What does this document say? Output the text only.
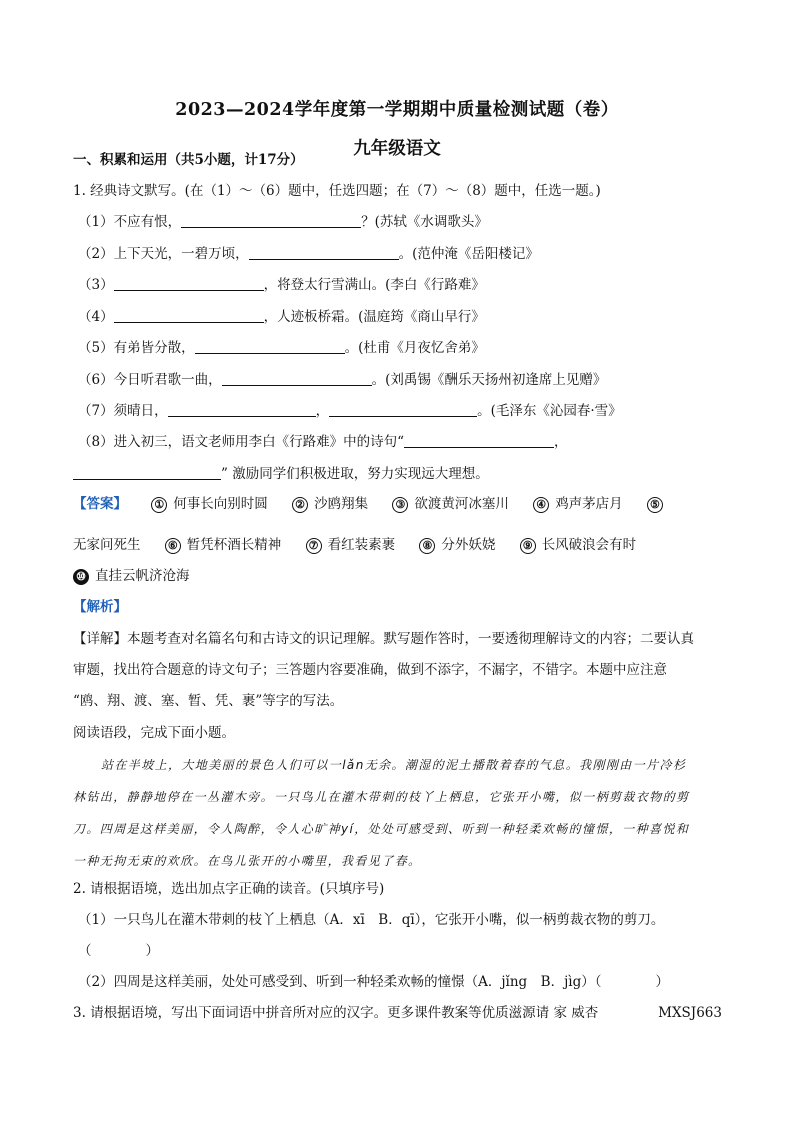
2023—2024学年度第一学期期中质量检测试题（卷）
九年级语文
一、积累和运用（共5小题，计17分）
1. 经典诗文默写。(在（1）～（6）题中，任选四题；在（7）～（8）题中，任选一题。)
（1）不应有恨，	？(苏轼《水调歌头》
（2）上下天光，一碧万顷，	。(范仲淹《岳阳楼记》
（3）	，将登太行雪满山。(李白《行路难》
（4）	，人迹板桥霜。(温庭筠《商山早行》
（5）有弟皆分散，	。(杜甫《月夜忆舍弟》
（6）今日听君歌一曲，	。(刘禹锡《酬乐天扬州初逢席上见赠》
（7）须晴日，	，	。(毛泽东《沁园春·雪》
（8）进入初三，语文老师用李白《行路难》中的诗句“	，
” 激励同学们积极进取，努力实现远大理想。
【答案】 ① 何事长向别时圆 ② 沙鸥翔集 ③ 欲渡黄河冰塞川 ④ 鸡声茅店月 ⑤
无家问死生 ⑥ 暂凭杯酒长精神 ⑦ 看红装素裹 ⑧ 分外妖娆 ⑨ 长风破浪会有时
⑩ 直挂云帆济沧海
【解析】
【详解】本题考查对名篇名句和古诗文的识记理解。默写题作答时，一要透彻理解诗文的内容；二要认真
审题，找出符合题意的诗文句子；三答题内容要准确，做到不添字，不漏字，不错字。本题中应注意
“鸥、翔、渡、塞、暂、凭、裹”等字的写法。
阅读语段，完成下面小题。
站在半坡上，大地美丽的景色人们可以一lǎn无余。潮湿的泥土播散着春的气息。我刚刚由一片冷杉
林钻出，静静地停在一丛灌木旁。一只鸟儿在灌木带刺的枝丫上栖息，它张开小嘴，似一柄剪裁衣物的剪
刀。四周是这样美丽，令人陶醉，令人心旷神yí，处处可感受到、听到一种轻柔欢畅的憧憬，一种喜悦和
一种无拘无束的欢欣。在鸟儿张开的小嘴里，我看见了春。
2. 请根据语境，选出加点字正确的读音。(只填序号)
（1）一只鸟儿在灌木带刺的枝丫上栖息（A．xī　B．qī），它张开小嘴，似一柄剪裁衣物的剪刀。
（　　　　）
（2）四周是这样美丽，处处可感受到、听到一种轻柔欢畅的憧憬（A．jǐng　B．jìg）（　　　　）
3. 请根据语境，写出下面词语中拼音所对应的汉字。更多课件教案等优质滋源请 家 威杏	MXSJ663
